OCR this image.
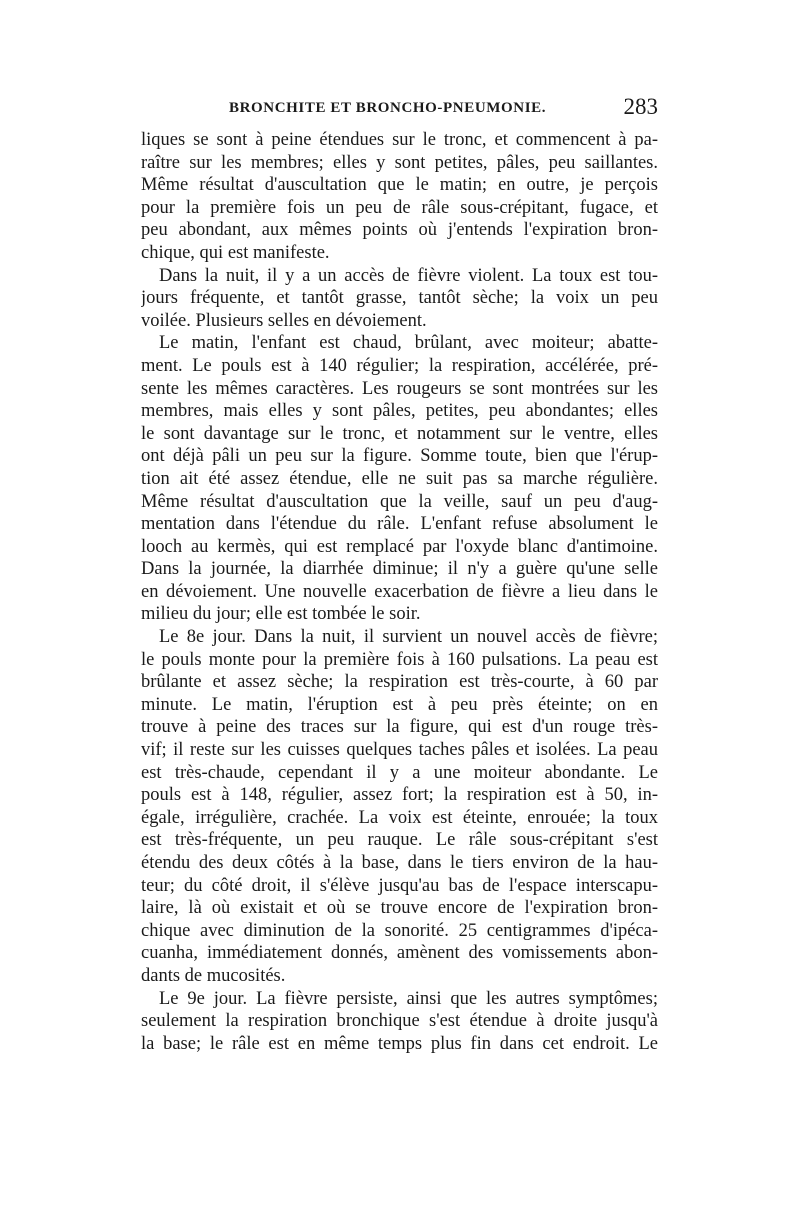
BRONCHITE ET BRONCHO-PNEUMONIE.	283
liques se sont à peine étendues sur le tronc, et commencent à pa-
raître sur les membres; elles y sont petites, pâles, peu saillantes.
Même résultat d'auscultation que le matin; en outre, je perçois
pour la première fois un peu de râle sous-crépitant, fugace, et
peu abondant, aux mêmes points où j'entends l'expiration bron-
chique, qui est manifeste.
Dans la nuit, il y a un accès de fièvre violent. La toux est tou-
jours fréquente, et tantôt grasse, tantôt sèche; la voix un peu
voilée. Plusieurs selles en dévoiement.
Le matin, l'enfant est chaud, brûlant, avec moiteur; abatte-
ment. Le pouls est à 140 régulier; la respiration, accélérée, pré-
sente les mêmes caractères. Les rougeurs se sont montrées sur les
membres, mais elles y sont pâles, petites, peu abondantes; elles
le sont davantage sur le tronc, et notamment sur le ventre, elles
ont déjà pâli un peu sur la figure. Somme toute, bien que l'érup-
tion ait été assez étendue, elle ne suit pas sa marche régulière.
Même résultat d'auscultation que la veille, sauf un peu d'aug-
mentation dans l'étendue du râle. L'enfant refuse absolument le
looch au kermès, qui est remplacé par l'oxyde blanc d'antimoine.
Dans la journée, la diarrhée diminue; il n'y a guère qu'une selle
en dévoiement. Une nouvelle exacerbation de fièvre a lieu dans le
milieu du jour; elle est tombée le soir.
Le 8e jour. Dans la nuit, il survient un nouvel accès de fièvre;
le pouls monte pour la première fois à 160 pulsations. La peau est
brûlante et assez sèche; la respiration est très-courte, à 60 par
minute. Le matin, l'éruption est à peu près éteinte; on en
trouve à peine des traces sur la figure, qui est d'un rouge très-
vif; il reste sur les cuisses quelques taches pâles et isolées. La peau
est très-chaude, cependant il y a une moiteur abondante. Le
pouls est à 148, régulier, assez fort; la respiration est à 50, in-
égale, irrégulière, crachée. La voix est éteinte, enrouée; la toux
est très-fréquente, un peu rauque. Le râle sous-crépitant s'est
étendu des deux côtés à la base, dans le tiers environ de la hau-
teur; du côté droit, il s'élève jusqu'au bas de l'espace interscapu-
laire, là où existait et où se trouve encore de l'expiration bron-
chique avec diminution de la sonorité. 25 centigrammes d'ipéca-
cuanha, immédiatement donnés, amènent des vomissements abon-
dants de mucosités.
Le 9e jour. La fièvre persiste, ainsi que les autres symptômes;
seulement la respiration bronchique s'est étendue à droite jusqu'à
la base; le râle est en même temps plus fin dans cet endroit. Le
